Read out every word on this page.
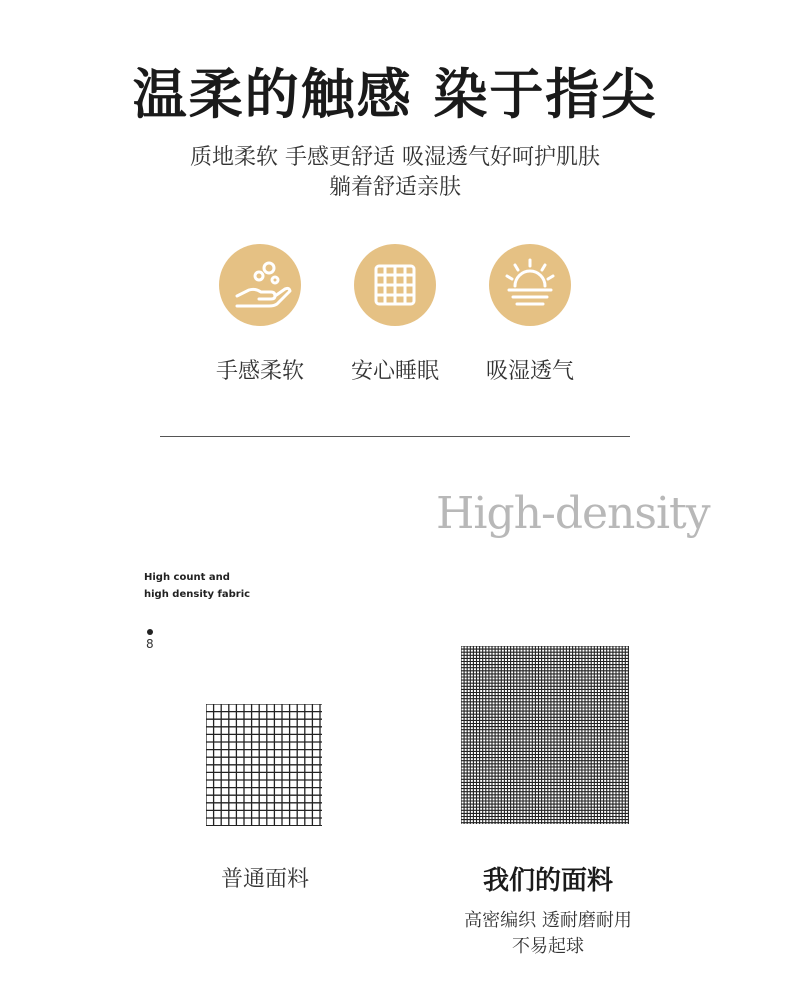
温柔的触感 染于指尖
质地柔软 手感更舒适 吸湿透气好呵护肌肤
躺着舒适亲肤
手感柔软	安心睡眠	吸湿透气
High-density
High count and
high density fabric
8
普通面料	我们的面料
高密编织 透耐磨耐用
不易起球
